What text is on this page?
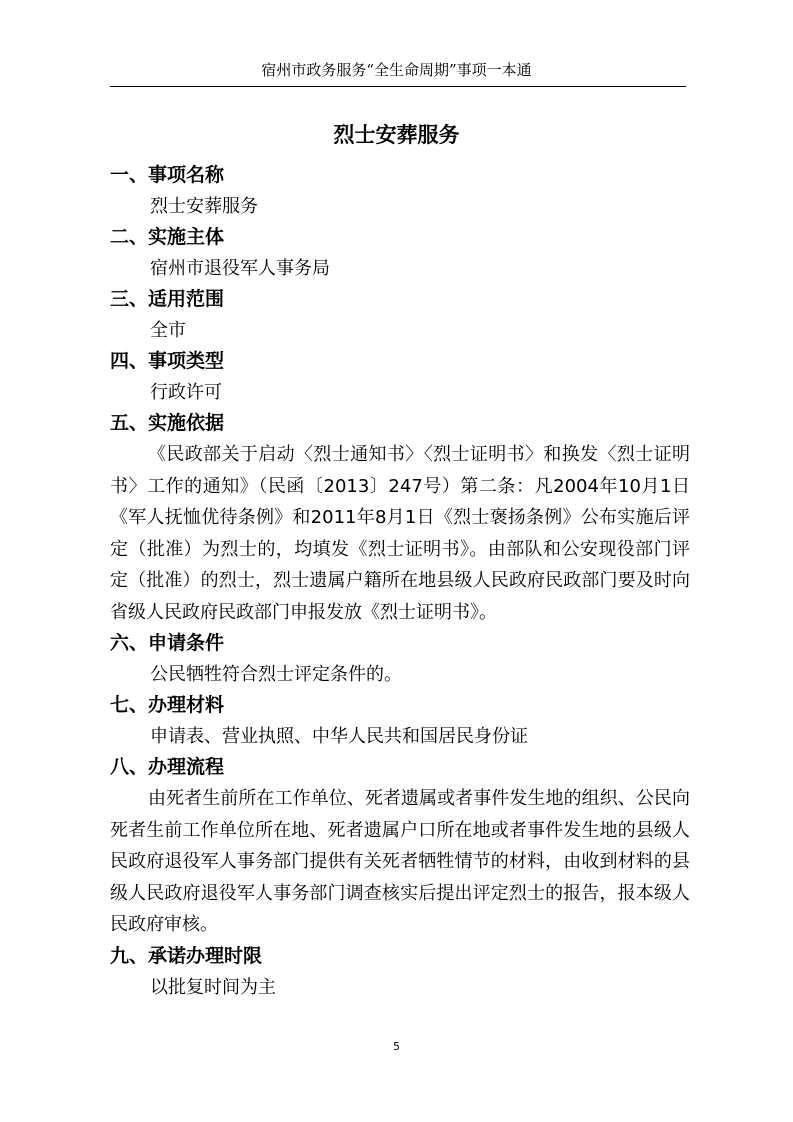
宿州市政务服务“全生命周期”事项一本通
烈士安葬服务

一、事项名称

烈士安葬服务

二、实施主体

宿州市退役军人事务局

三、适用范围

全市

四、事项类型

行政许可

五、实施依据

《民政部关于启动〈烈士通知书〉〈烈士证明书〉和换发〈烈士证明书〉工作的通知》（民函〔2013〕247号）第二条：凡2004年10月1日《军人抚恤优待条例》和2011年8月1日《烈士褒扬条例》公布实施后评定（批准）为烈士的，均填发《烈士证明书》。由部队和公安现役部门评定（批准）的烈士，烈士遗属户籍所在地县级人民政府民政部门要及时向省级人民政府民政部门申报发放《烈士证明书》。

六、申请条件

公民牺牲符合烈士评定条件的。

七、办理材料

申请表、营业执照、中华人民共和国居民身份证

八、办理流程

由死者生前所在工作单位、死者遗属或者事件发生地的组织、公民向死者生前工作单位所在地、死者遗属户口所在地或者事件发生地的县级人民政府退役军人事务部门提供有关死者牺牲情节的材料，由收到材料的县级人民政府退役军人事务部门调查核实后提出评定烈士的报告，报本级人民政府审核。

九、承诺办理时限

以批复时间为主

5
